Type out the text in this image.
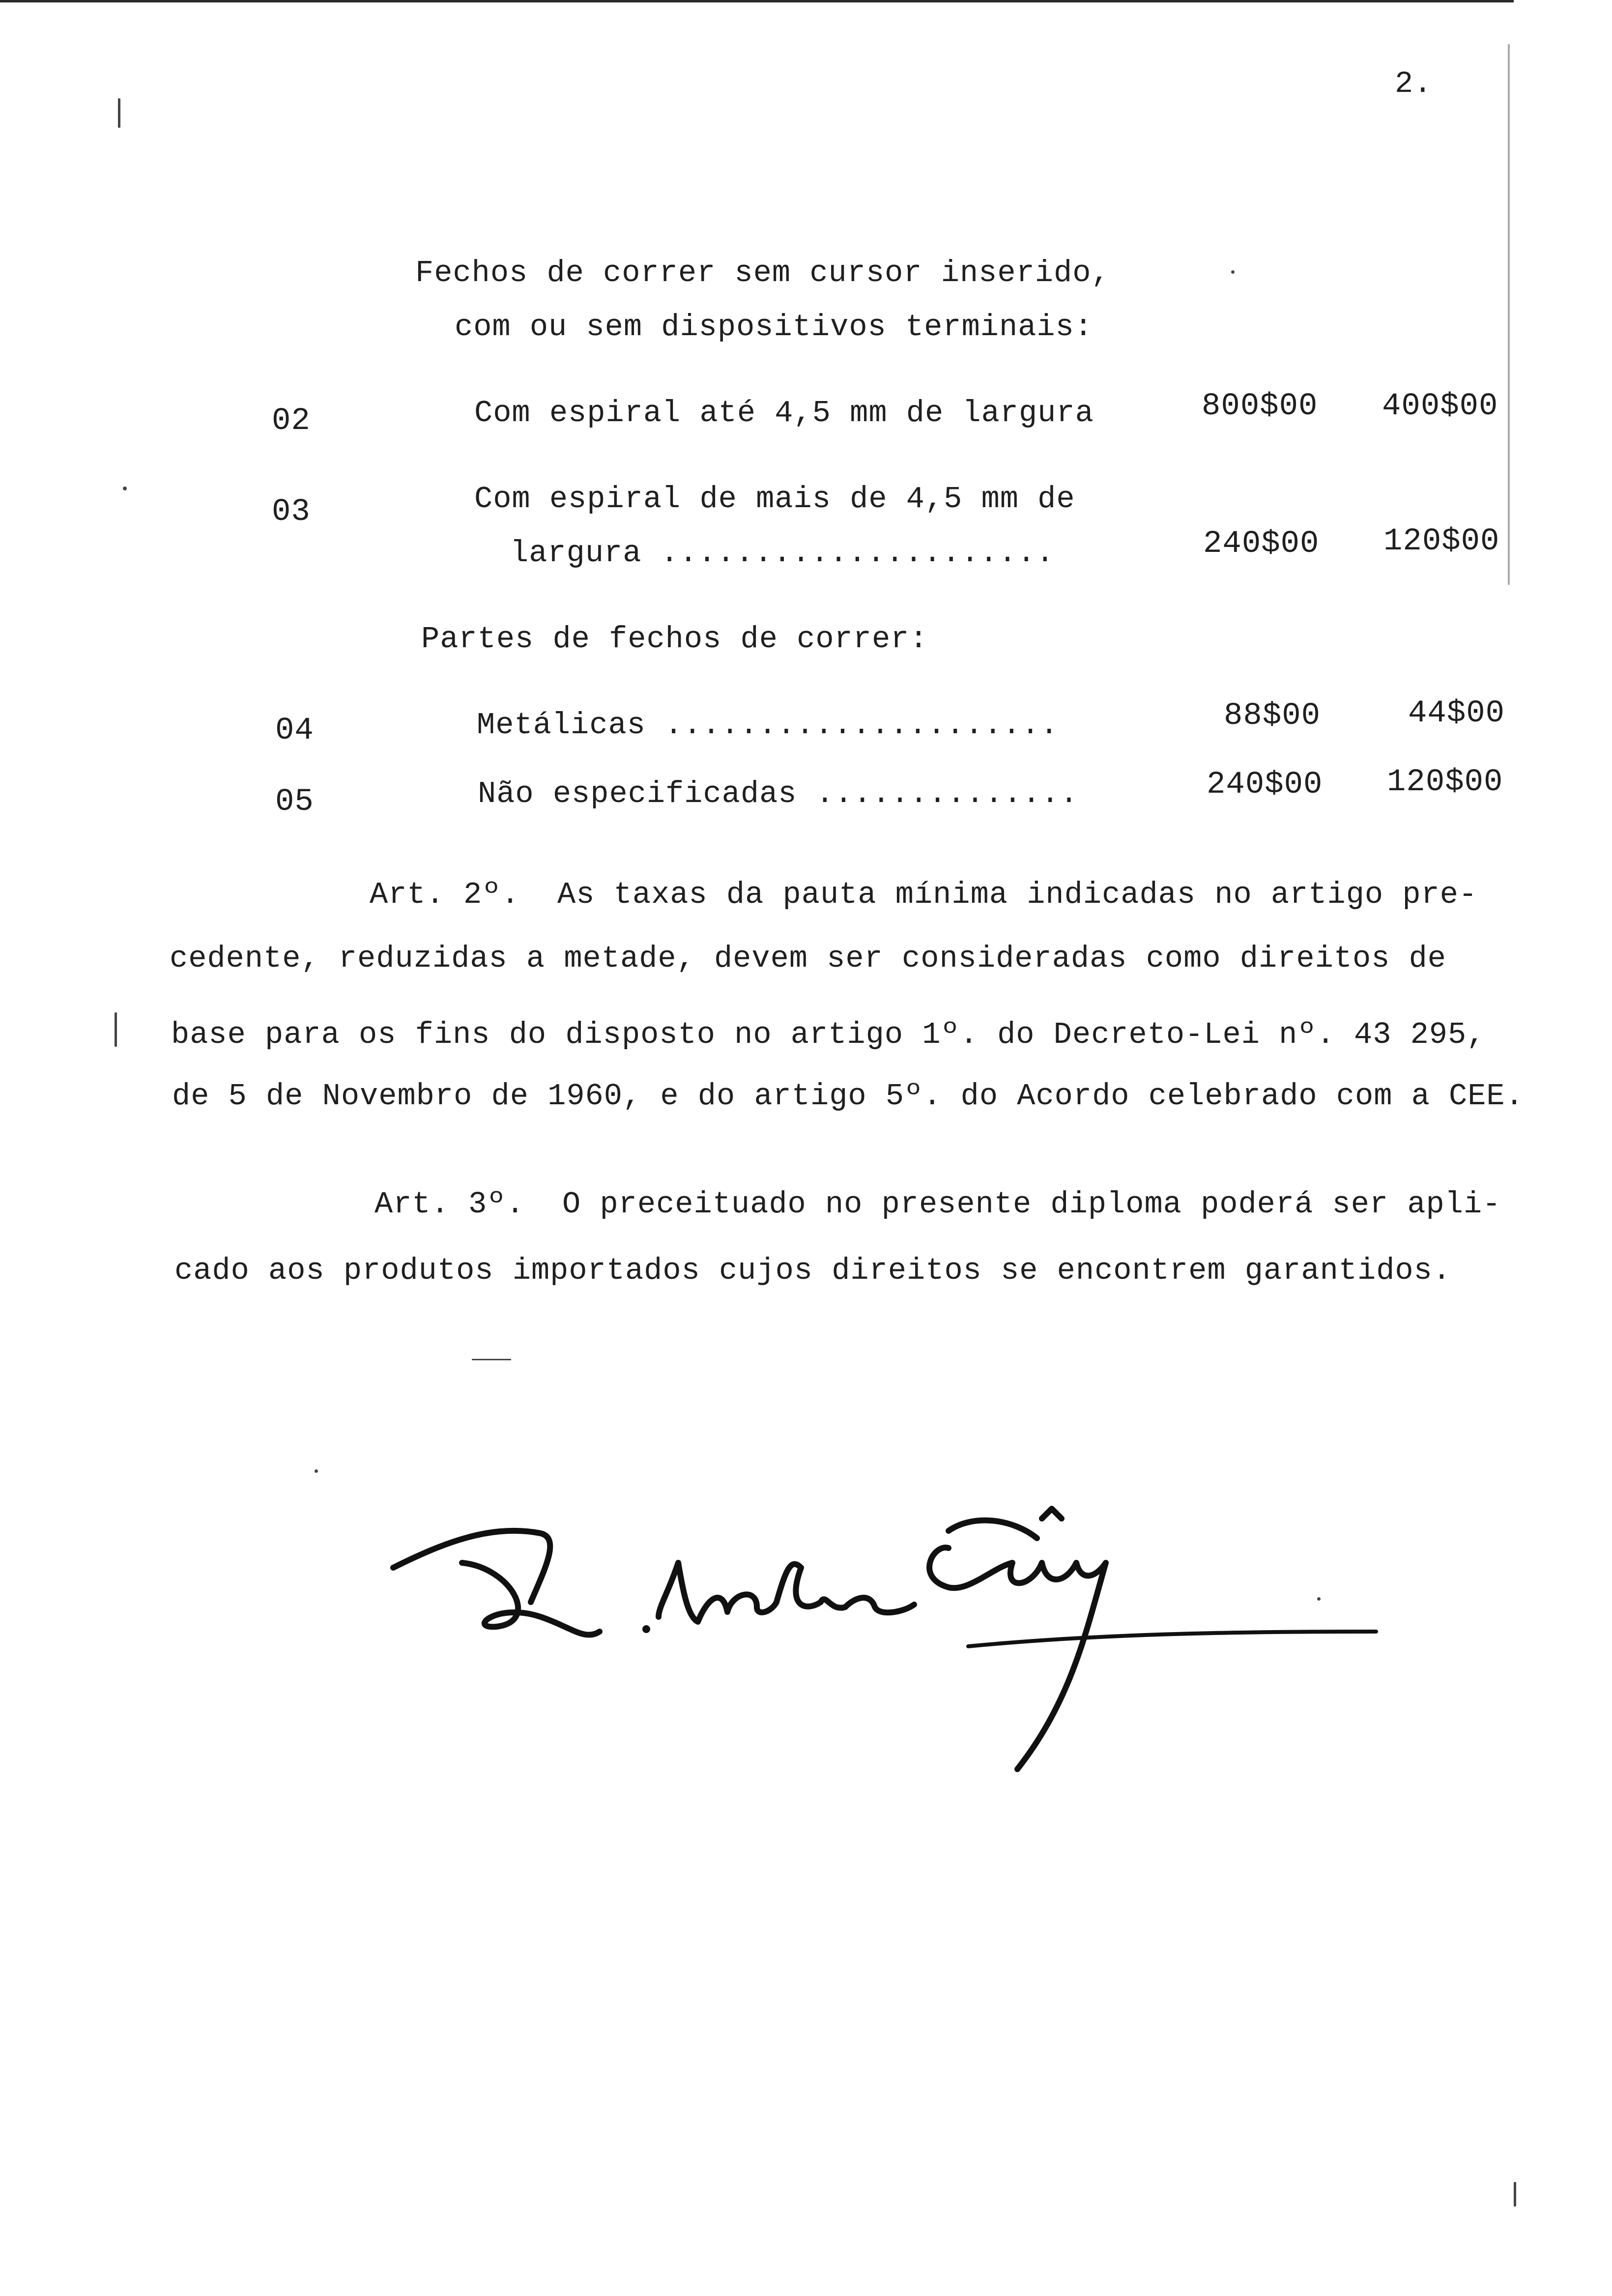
2.
Fechos de correr sem cursor inserido,
com ou sem dispositivos terminais:
02	Com espiral até 4,5 mm de largura	800$00 400$00
03	Com espiral de mais de 4,5 mm de
largura .....................	240$00 120$00
Partes de fechos de correr:
04	Metálicas .....................	88$00	44$00
05	Não especificadas ..............	240$00 120$00
Art. 2º.  As taxas da pauta mínima indicadas no artigo pre-
cedente, reduzidas a metade, devem ser consideradas como direitos de
base para os fins do disposto no artigo 1º. do Decreto-Lei nº. 43 295,
de 5 de Novembro de 1960, e do artigo 5º. do Acordo celebrado com a CEE.
Art. 3º.  O preceituado no presente diploma poderá ser apli-
cado aos produtos importados cujos direitos se encontrem garantidos.
